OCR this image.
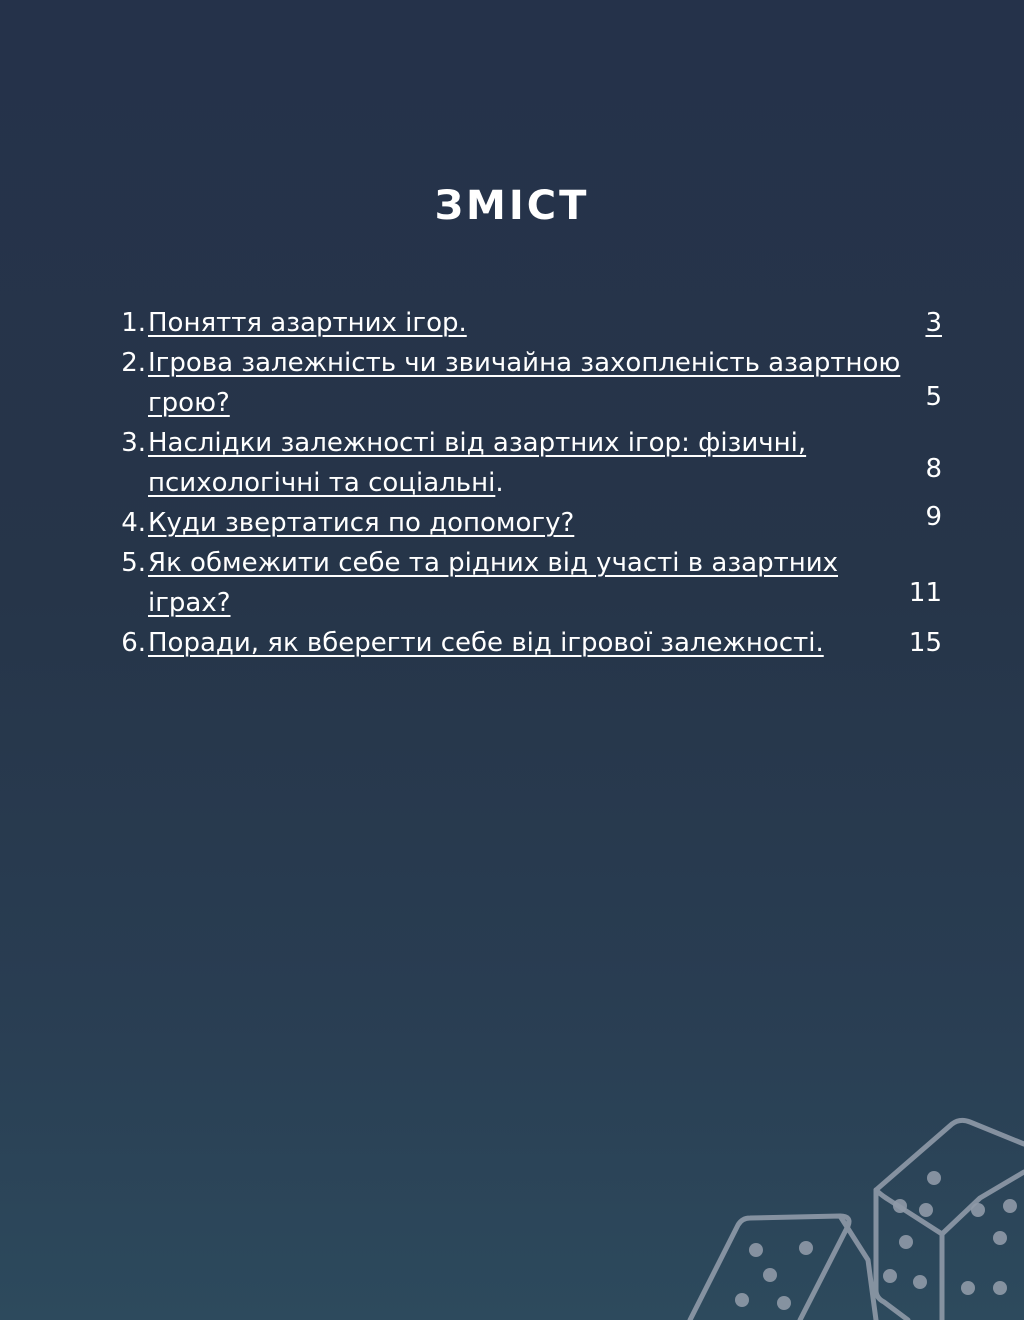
ЗМІСТ
1. Поняття азартних ігор.	3
2. Ігрова залежність чи звичайна захопленість азартною грою?	5
3. Наслідки залежності від азартних ігор: фізичні, психологічні та соціальні.	8
4. Куди звертатися по допомогу?	9
5. Як обмежити себе та рідних від участі в азартних іграх?	11
6. Поради, як вберегти себе від ігрової залежності.	15
